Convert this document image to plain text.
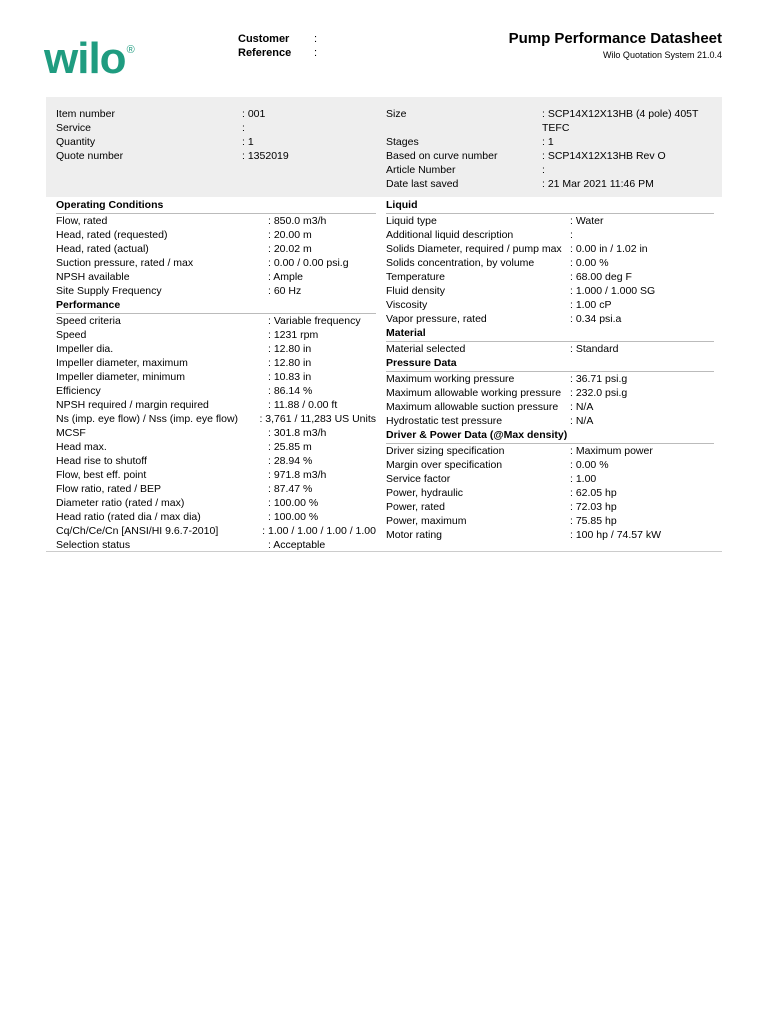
wilo®
Customer	:
Reference	:
Pump Performance Datasheet
Wilo Quotation System 21.0.4
Item number	: 001
Service	:
Quantity	: 1
Quote number	: 1352019
Size	: SCP14X12X13HB (4 pole) 405T
TEFC
Stages	: 1
Based on curve number	: SCP14X12X13HB Rev O
Article Number	:
Date last saved	: 21 Mar 2021 11:46 PM
Operating Conditions
Flow, rated	: 850.0 m3/h
Head, rated (requested)	: 20.00 m
Head, rated (actual)	: 20.02 m
Suction pressure, rated / max	: 0.00 / 0.00 psi.g
NPSH available	: Ample
Site Supply Frequency	: 60 Hz
Performance
Speed criteria	: Variable frequency
Speed	: 1231 rpm
Impeller dia.	: 12.80 in
Impeller diameter, maximum	: 12.80 in
Impeller diameter, minimum	: 10.83 in
Efficiency	: 86.14 %
NPSH required / margin required	: 11.88 / 0.00 ft
Ns (imp. eye flow) / Nss (imp. eye flow)	: 3,761 / 11,283 US Units
MCSF	: 301.8 m3/h
Head max.	: 25.85 m
Head rise to shutoff	: 28.94 %
Flow, best eff. point	: 971.8 m3/h
Flow ratio, rated / BEP	: 87.47 %
Diameter ratio (rated / max)	: 100.00 %
Head ratio (rated dia / max dia)	: 100.00 %
Cq/Ch/Ce/Cn [ANSI/HI 9.6.7-2010]	: 1.00 / 1.00 / 1.00 / 1.00
Selection status	: Acceptable
Liquid
Liquid type	: Water
Additional liquid description	:
Solids Diameter, required / pump max : 0.00 in / 1.02 in
Solids concentration, by volume	: 0.00 %
Temperature	: 68.00 deg F
Fluid density	: 1.000 / 1.000 SG
Viscosity	: 1.00 cP
Vapor pressure, rated	: 0.34 psi.a
Material
Material selected	: Standard
Pressure Data
Maximum working pressure	: 36.71 psi.g
Maximum allowable working pressure : 232.0 psi.g
Maximum allowable suction pressure	: N/A
Hydrostatic test pressure	: N/A
Driver & Power Data (@Max density)
Driver sizing specification	: Maximum power
Margin over specification	: 0.00 %
Service factor	: 1.00
Power, hydraulic	: 62.05 hp
Power, rated	: 72.03 hp
Power, maximum	: 75.85 hp
Motor rating	: 100 hp / 74.57 kW
